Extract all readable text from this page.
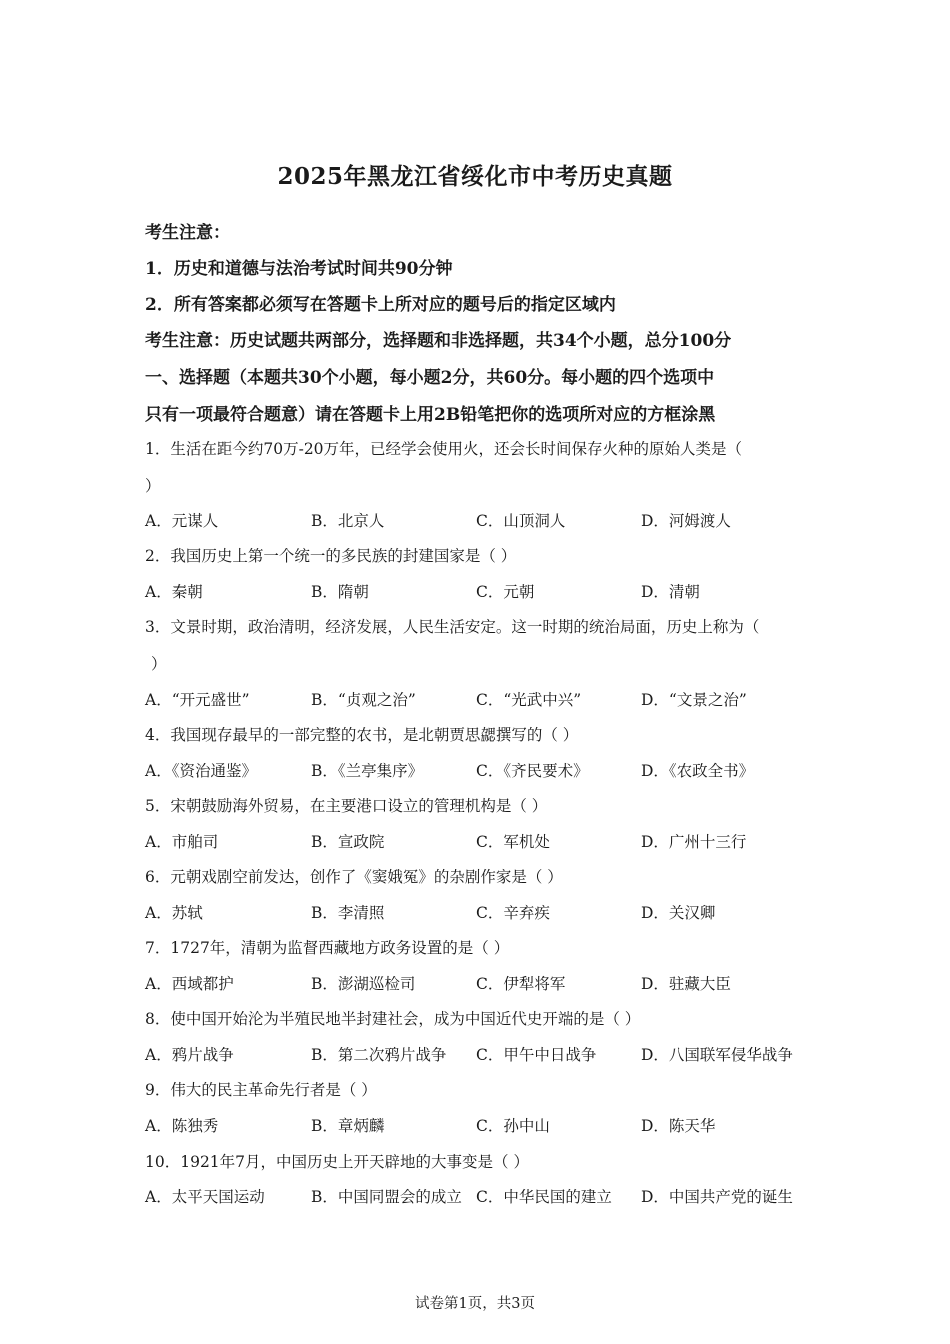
2025年黑龙江省绥化市中考历史真题
考生注意：
1．历史和道德与法治考试时间共90分钟
2．所有答案都必须写在答题卡上所对应的题号后的指定区域内
考生注意：历史试题共两部分，选择题和非选择题，共34个小题，总分100分
一、选择题（本题共30个小题，每小题2分，共60分。每小题的四个选项中
只有一项最符合题意）请在答题卡上用2B铅笔把你的选项所对应的方框涂黑
1．生活在距今约70万-20万年，已经学会使用火，还会长时间保存火种的原始人类是（
）
A．元谋人	B．北京人	C．山顶洞人	D．河姆渡人
2．我国历史上第一个统一的多民族的封建国家是（ ）
A．秦朝	B．隋朝	C．元朝	D．清朝
3．文景时期，政治清明，经济发展，人民生活安定。这一时期的统治局面，历史上称为（
）
A．“开元盛世”	B．“贞观之治”	C．“光武中兴”	D．“文景之治”
4．我国现存最早的一部完整的农书，是北朝贾思勰撰写的（ ）
A．《资治通鉴》	B．《兰亭集序》	C．《齐民要术》	D．《农政全书》
5．宋朝鼓励海外贸易，在主要港口设立的管理机构是（ ）
A．市舶司	B．宣政院	C．军机处	D．广州十三行
6．元朝戏剧空前发达，创作了《窦娥冤》的杂剧作家是（ ）
A．苏轼	B．李清照	C．辛弃疾	D．关汉卿
7．1727年，清朝为监督西藏地方政务设置的是（ ）
A．西域都护	B．澎湖巡检司	C．伊犁将军	D．驻藏大臣
8．使中国开始沦为半殖民地半封建社会，成为中国近代史开端的是（ ）
A．鸦片战争	B．第二次鸦片战争 C．甲午中日战争	D．八国联军侵华战争
9．伟大的民主革命先行者是（ ）
A．陈独秀	B．章炳麟	C．孙中山	D．陈天华
10．1921年7月，中国历史上开天辟地的大事变是（ ）
A．太平天国运动	B．中国同盟会的成立 C．中华民国的建立 D．中国共产党的诞生
试卷第1页，共3页
